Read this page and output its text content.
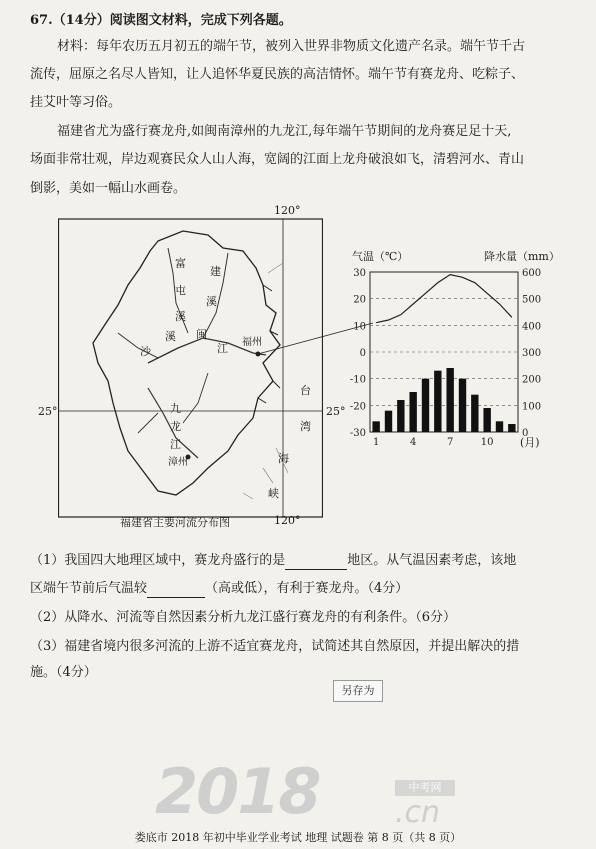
67.（14分）阅读图文材料，完成下列各题。
材料：每年农历五月初五的端午节，被列入世界非物质文化遗产名录。端午节千古
流传，屈原之名尽人皆知，让人追怀华夏民族的高洁情怀。端午节有赛龙舟、吃粽子、
挂艾叶等习俗。
福建省尤为盛行赛龙舟,如闽南漳州的九龙江,每年端午节期间的龙舟赛足足十天,
场面非常壮观，岸边观赛民众人山人海，宽阔的江面上龙舟破浪如飞，清碧河水、青山
倒影，美如一幅山水画卷。
120°
120°
25°	25°
富
屯
溪
建
溪
沙
溪 闽
江 福州
九
龙
江
漳州
台
湾
海
峡
福建省主要河流分布图
-30
-20
-10
0
10
20
30
0
100
200
300
400
500
600
1	4	7	10
气温（℃）	降水量（mm）
(月)
（1）我国四大地理区域中，赛龙舟盛行的是	地区。从气温因素考虑，该地
区端午节前后气温较	（高或低），有利于赛龙舟。（4分）
（2）从降水、河流等自然因素分析九龙江盛行赛龙舟的有利条件。（6分）
（3）福建省境内很多河流的上游不适宜赛龙舟，试简述其自然原因，并提出解决的措
施。（4分）
另存为
中考网
2018	.cn
娄底市 2018 年初中毕业学业考试 地理 试题卷 第 8 页（共 8 页）
